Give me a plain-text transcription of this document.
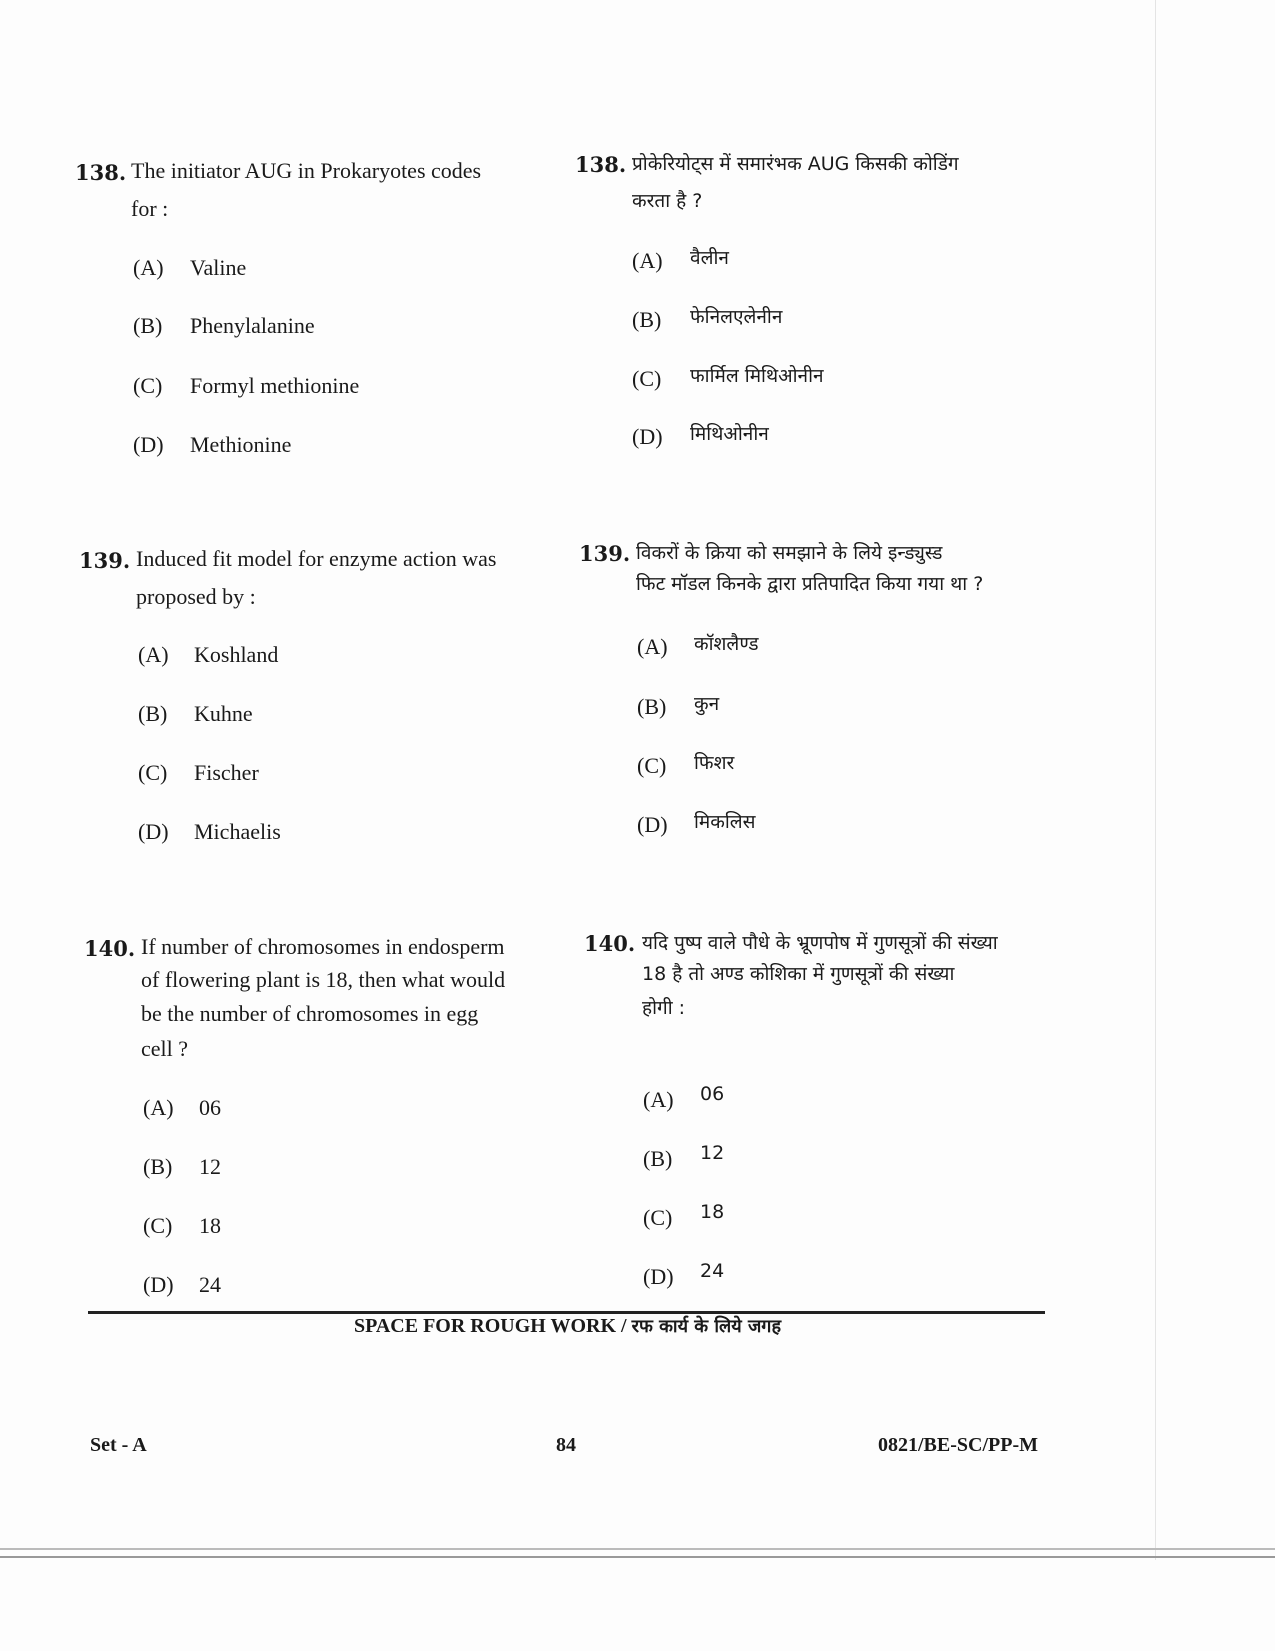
138. The initiator AUG in Prokaryotes codes
for :
(A) Valine
(B) Phenylalanine
(C) Formyl methionine
(D) Methionine
139. Induced fit model for enzyme action was
proposed by :
(A) Koshland
(B) Kuhne
(C) Fischer
(D) Michaelis
140. If number of chromosomes in endosperm
of flowering plant is 18, then what would
be the number of chromosomes in egg
cell ?
(A) 06
(B) 12
(C) 18
(D) 24
138. प्रोकेरियोट्स में समारंभक AUG किसकी कोडिंग
करता है ?
(A) वैलीन
(B) फेनिलएलेनीन
(C) फार्मिल मिथिओनीन
(D) मिथिओनीन
139. विकरों के क्रिया को समझाने के लिये इन्ड्युस्ड
फिट मॉडल किनके द्वारा प्रतिपादित किया गया था ?
(A) कॉशलैण्ड
(B) कुन
(C) फिशर
(D) मिकलिस
140. यदि पुष्प वाले पौधे के भ्रूणपोष में गुणसूत्रों की संख्या
18 है तो अण्ड कोशिका में गुणसूत्रों की संख्या
होगी :
(A) 06
(B) 12
(C) 18
(D) 24
SPACE FOR ROUGH WORK / रफ कार्य के लिये जगह
Set - A	84	0821/BE-SC/PP-M
